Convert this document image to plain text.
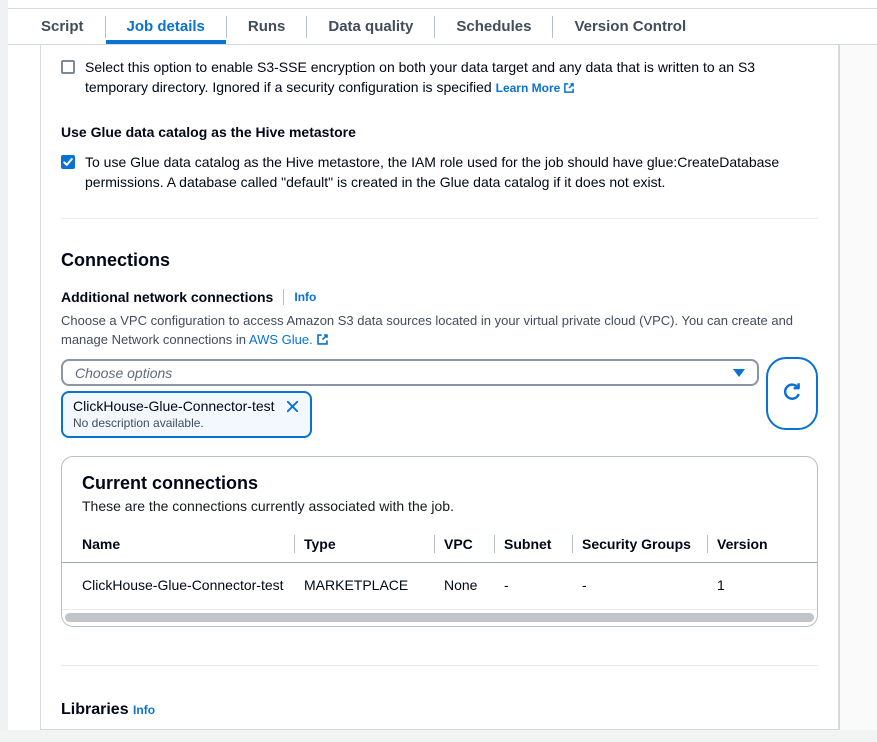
Script	Job details	Runs	Data quality	Schedules	Version Control
Select this option to enable S3-SSE encryption on both your data target and any data that is written to an S3 temporary directory. Ignored if a security configuration is specified Learn More
Use Glue data catalog as the Hive metastore
To use Glue data catalog as the Hive metastore, the IAM role used for the job should have glue:CreateDatabase permissions. A database called "default" is created in the Glue data catalog if it does not exist.
Connections
Additional network connections Info
Choose a VPC configuration to access Amazon S3 data sources located in your virtual private cloud (VPC). You can create and manage Network connections in AWS Glue.
Choose options
ClickHouse-Glue-Connector-test
No description available.
Current connections
These are the connections currently associated with the job.
Name	Type	VPC	Subnet	Security Groups	Version
ClickHouse-Glue-Connector-test	MARKETPLACE	None	-	-	1
Libraries Info
